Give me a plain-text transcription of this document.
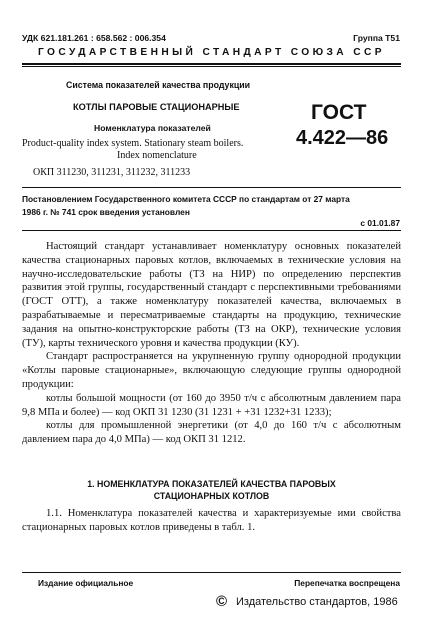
УДК 621.181.261 : 658.562 : 006.354	Группа Т51
ГОСУДАРСТВЕННЫЙ СТАНДАРТ СОЮЗА ССР
Система показателей качества продукции
КОТЛЫ ПАРОВЫЕ СТАЦИОНАРНЫЕ
Номенклатура показателей
Product-quality index system. Stationary steam boilers.
Index nomenclature
ОКП 311230, 311231, 311232, 311233
ГОСТ
4.422—86
Постановлением Государственного комитета СССР по стандартам от 27 марта
1986 г. № 741 срок введения установлен
с 01.01.87

Настоящий стандарт устанавливает номенклатуру основных показателей качества стационарных паровых котлов, включаемых в технические условия на научно-исследовательские работы (ТЗ на НИР) по определению перспектив развития этой группы, государственный стандарт с перспективными требованиями (ГОСТ ОТТ), а также номенклатуру показателей качества, включаемых в разрабатываемые и пересматриваемые стандарты на продукцию, технические задания на опытно-конструкторские работы (ТЗ на ОКР), технические условия (ТУ), карты технического уровня и качества продукции (КУ).

Стандарт распространяется на укрупненную группу однородной продукции «Котлы паровые стационарные», включающую следующие группы однородной продукции:

котлы большой мощности (от 160 до 3950 т/ч с абсолютным давлением пара 9,8 МПа и более) — код ОКП 31 1230 (31 1231 + +31 1232+31 1233);

котлы для промышленной энергетики (от 4,0 до 160 т/ч с абсолютным давлением пара до 4,0 МПа) — код ОКП 31 1212.

1. НОМЕНКЛАТУРА ПОКАЗАТЕЛЕЙ КАЧЕСТВА ПАРОВЫХ
СТАЦИОНАРНЫХ КОТЛОВ

1.1. Номенклатура показателей качества и характеризуемые ими свойства стационарных паровых котлов приведены в табл. 1.

Издание официальное	Перепечатка воспрещена
© Издательство стандартов, 1986
